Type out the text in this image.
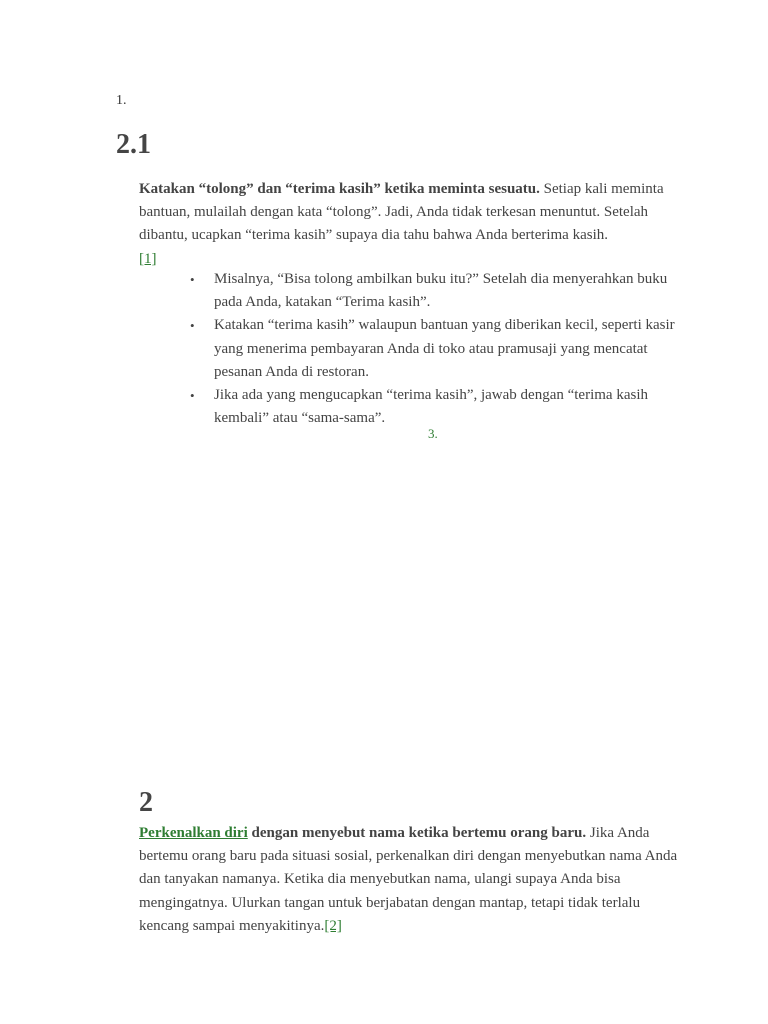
1.
2.1

Katakan “tolong” dan “terima kasih” ketika meminta sesuatu. Setiap kali meminta bantuan, mulailah dengan kata “tolong”. Jadi, Anda tidak terkesan menuntut. Setelah dibantu, ucapkan “terima kasih” supaya dia tahu bahwa Anda berterima kasih.
[1]

• Misalnya, “Bisa tolong ambilkan buku itu?” Setelah dia menyerahkan buku pada Anda, katakan “Terima kasih”.
• Katakan “terima kasih” walaupun bantuan yang diberikan kecil, seperti kasir yang menerima pembayaran Anda di toko atau pramusaji yang mencatat pesanan Anda di restoran.
• Jika ada yang mengucapkan “terima kasih”, jawab dengan “terima kasih kembali” atau “sama-sama”.
3.
2

Perkenalkan diri dengan menyebut nama ketika bertemu orang baru. Jika Anda bertemu orang baru pada situasi sosial, perkenalkan diri dengan menyebutkan nama Anda dan tanyakan namanya. Ketika dia menyebutkan nama, ulangi supaya Anda bisa mengingatnya. Ulurkan tangan untuk berjabatan dengan mantap, tetapi tidak terlalu kencang sampai menyakitinya.[2]
